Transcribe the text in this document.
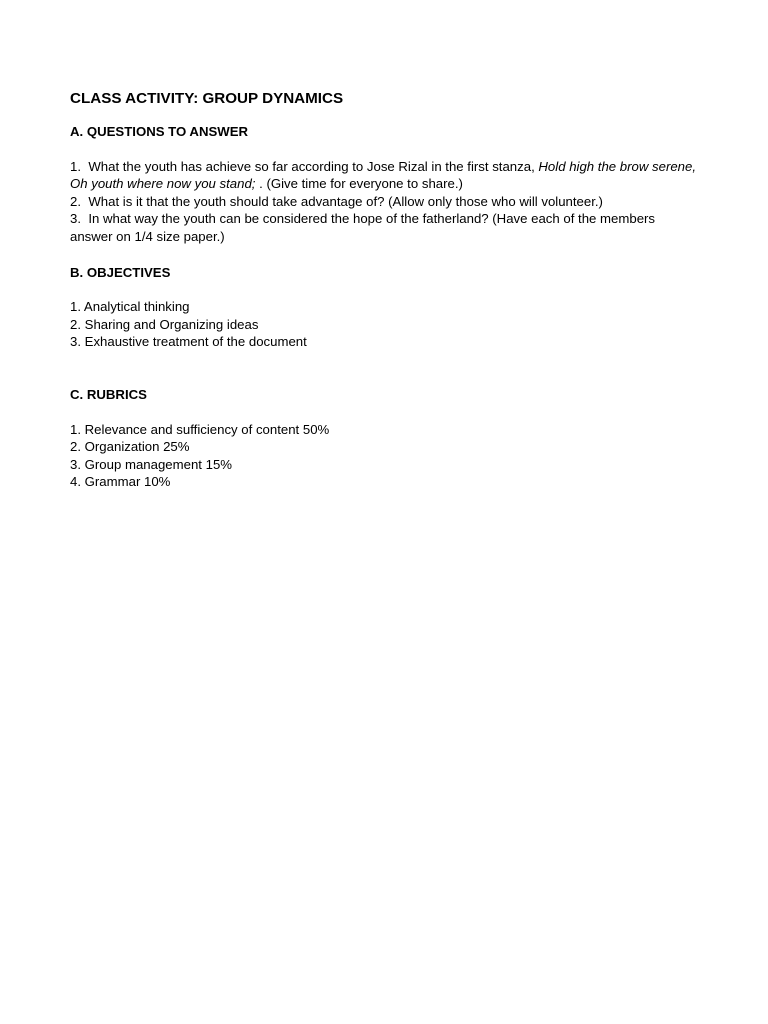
CLASS ACTIVITY: GROUP DYNAMICS

A. QUESTIONS TO ANSWER

1. What the youth has achieve so far according to Jose Rizal in the first stanza, Hold high the brow serene, Oh youth where now you stand; . (Give time for everyone to share.)

2. What is it that the youth should take advantage of? (Allow only those who will volunteer.)

3. In what way the youth can be considered the hope of the fatherland? (Have each of the members answer on 1/4 size paper.)

B. OBJECTIVES

1. Analytical thinking

2. Sharing and Organizing ideas

3. Exhaustive treatment of the document

C. RUBRICS

1. Relevance and sufficiency of content 50%

2. Organization 25%

3. Group management 15%

4. Grammar 10%
